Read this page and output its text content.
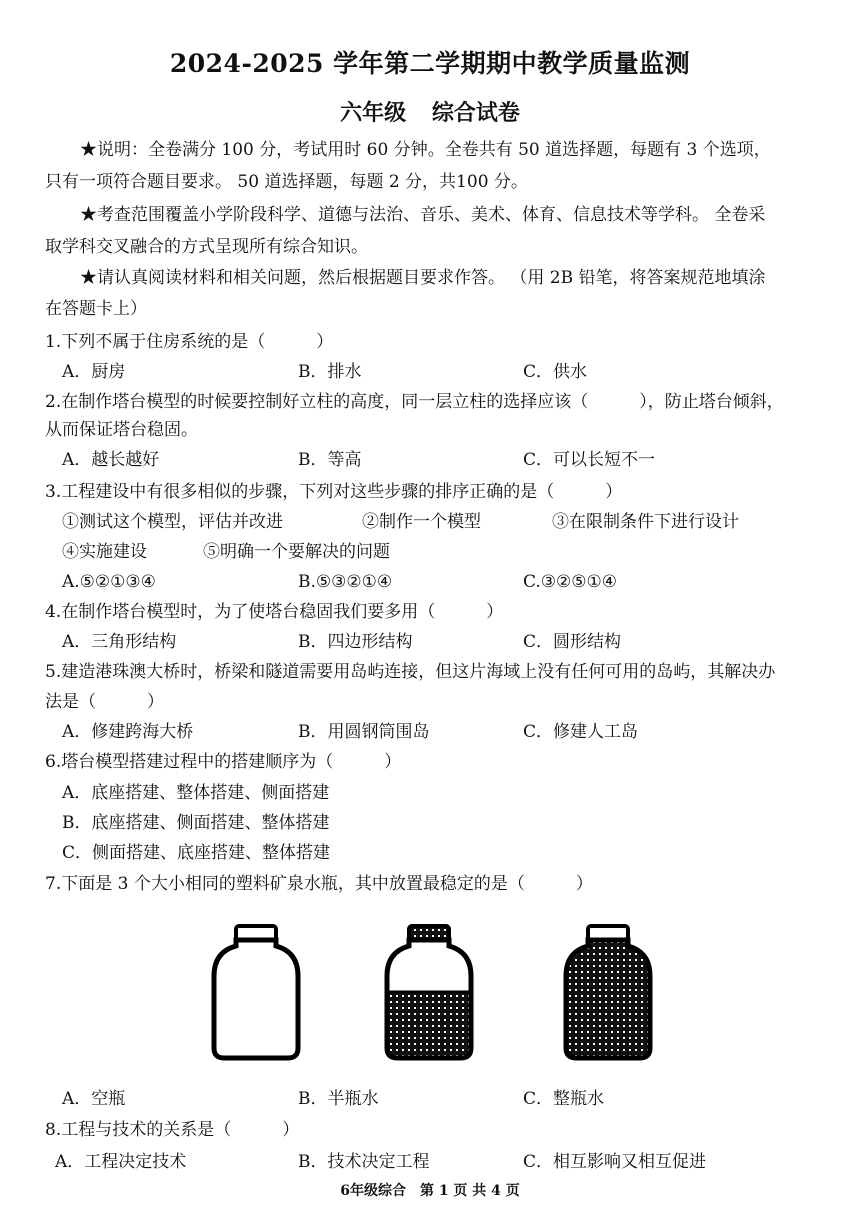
2024-2025 学年第二学期期中教学质量监测
六年级 综合试卷
★说明：全卷满分 100 分，考试用时 60 分钟。全卷共有 50 道选择题，每题有 3 个选项，
只有一项符合题目要求。 50 道选择题，每题 2 分，共100 分。
★考查范围覆盖小学阶段科学、道德与法治、音乐、美术、体育、信息技术等学科。 全卷采
取学科交叉融合的方式呈现所有综合知识。
★请认真阅读材料和相关问题，然后根据题目要求作答。 （用 2B 铅笔，将答案规范地填涂
在答题卡上）
1.下列不属于住房系统的是（　　　）
A．厨房	B．排水	C．供水
2.在制作塔台模型的时候要控制好立柱的高度，同一层立柱的选择应该（　　　），防止塔台倾斜，
从而保证塔台稳固。
A．越长越好	B．等高	C．可以长短不一
3.工程建设中有很多相似的步骤，下列对这些步骤的排序正确的是（　　　）
①测试这个模型，评估并改进	②制作一个模型	③在限制条件下进行设计
④实施建设	⑤明确一个要解决的问题
A.⑤②①③④	B.⑤③②①④	C.③②⑤①④
4.在制作塔台模型时，为了使塔台稳固我们要多用（　　　）
A．三角形结构	B．四边形结构	C．圆形结构
5.建造港珠澳大桥时，桥梁和隧道需要用岛屿连接，但这片海域上没有任何可用的岛屿，其解决办
法是（　　　）
A．修建跨海大桥	B．用圆钢筒围岛	C．修建人工岛
6.塔台模型搭建过程中的搭建顺序为（　　　）
A．底座搭建、整体搭建、侧面搭建
B．底座搭建、侧面搭建、整体搭建
C．侧面搭建、底座搭建、整体搭建
7.下面是 3 个大小相同的塑料矿泉水瓶，其中放置最稳定的是（　　　）
A．空瓶	B．半瓶水	C．整瓶水
8.工程与技术的关系是（　　　）
A．工程决定技术	B．技术决定工程	C．相互影响又相互促进
6年级综合　第 1 页 共 4 页
